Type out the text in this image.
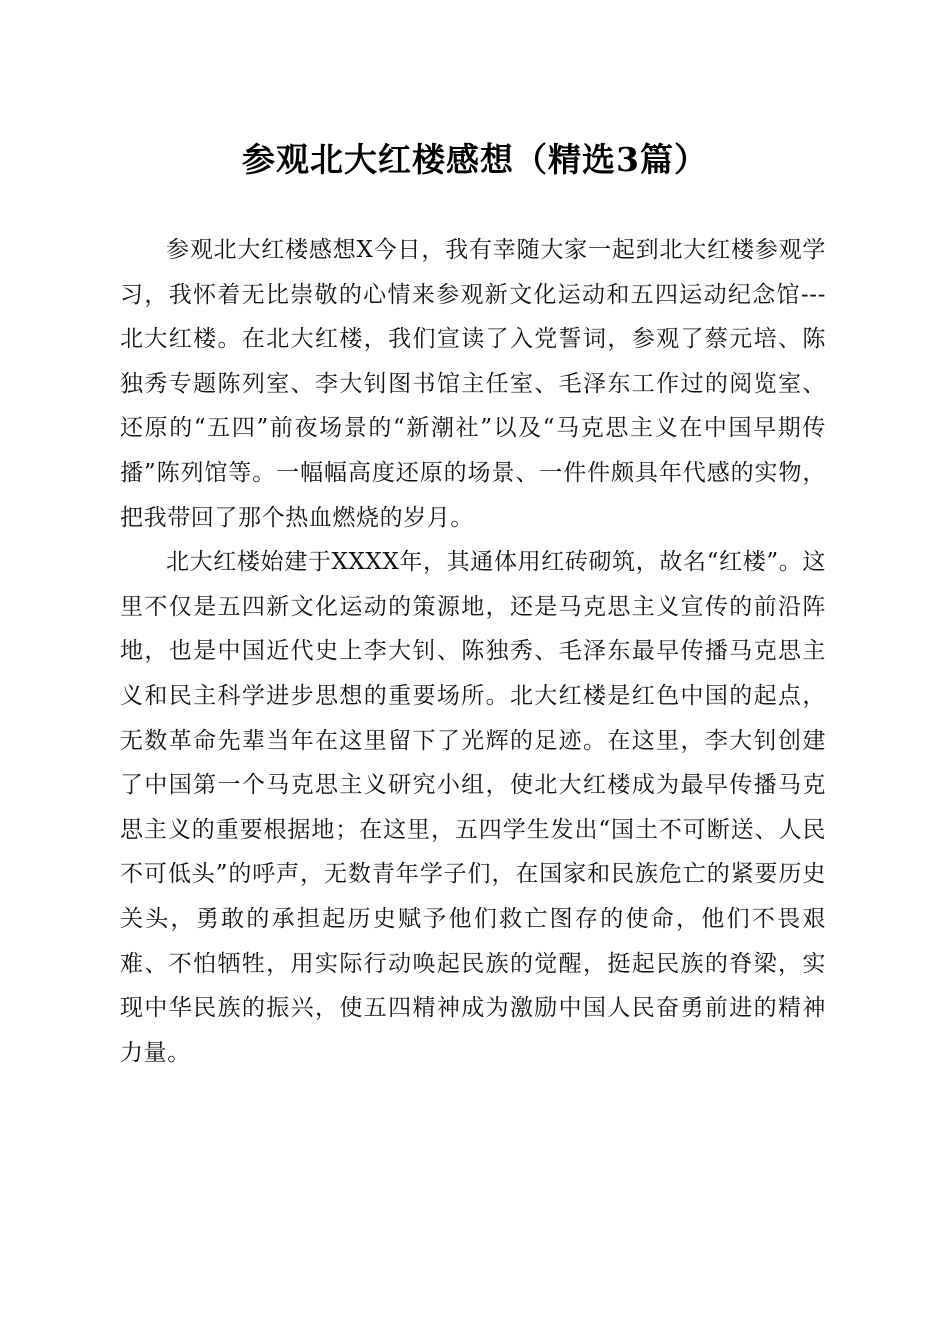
参观北大红楼感想（精选3篇）

参观北大红楼感想X今日，我有幸随大家一起到北大红楼参观学习，我怀着无比崇敬的心情来参观新文化运动和五四运动纪念馆---北大红楼。在北大红楼，我们宣读了入党誓词，参观了蔡元培、陈独秀专题陈列室、李大钊图书馆主任室、毛泽东工作过的阅览室、还原的“五四”前夜场景的“新潮社”以及“马克思主义在中国早期传播”陈列馆等。一幅幅高度还原的场景、一件件颇具年代感的实物，把我带回了那个热血燃烧的岁月。

北大红楼始建于XXXX年，其通体用红砖砌筑，故名“红楼”。这里不仅是五四新文化运动的策源地，还是马克思主义宣传的前沿阵地，也是中国近代史上李大钊、陈独秀、毛泽东最早传播马克思主义和民主科学进步思想的重要场所。北大红楼是红色中国的起点，无数革命先辈当年在这里留下了光辉的足迹。在这里，李大钊创建了中国第一个马克思主义研究小组，使北大红楼成为最早传播马克思主义的重要根据地；在这里，五四学生发出“国土不可断送、人民不可低头”的呼声，无数青年学子们，在国家和民族危亡的紧要历史关头，勇敢的承担起历史赋予他们救亡图存的使命，他们不畏艰难、不怕牺牲，用实际行动唤起民族的觉醒，挺起民族的脊梁，实现中华民族的振兴，使五四精神成为激励中国人民奋勇前进的精神力量。
